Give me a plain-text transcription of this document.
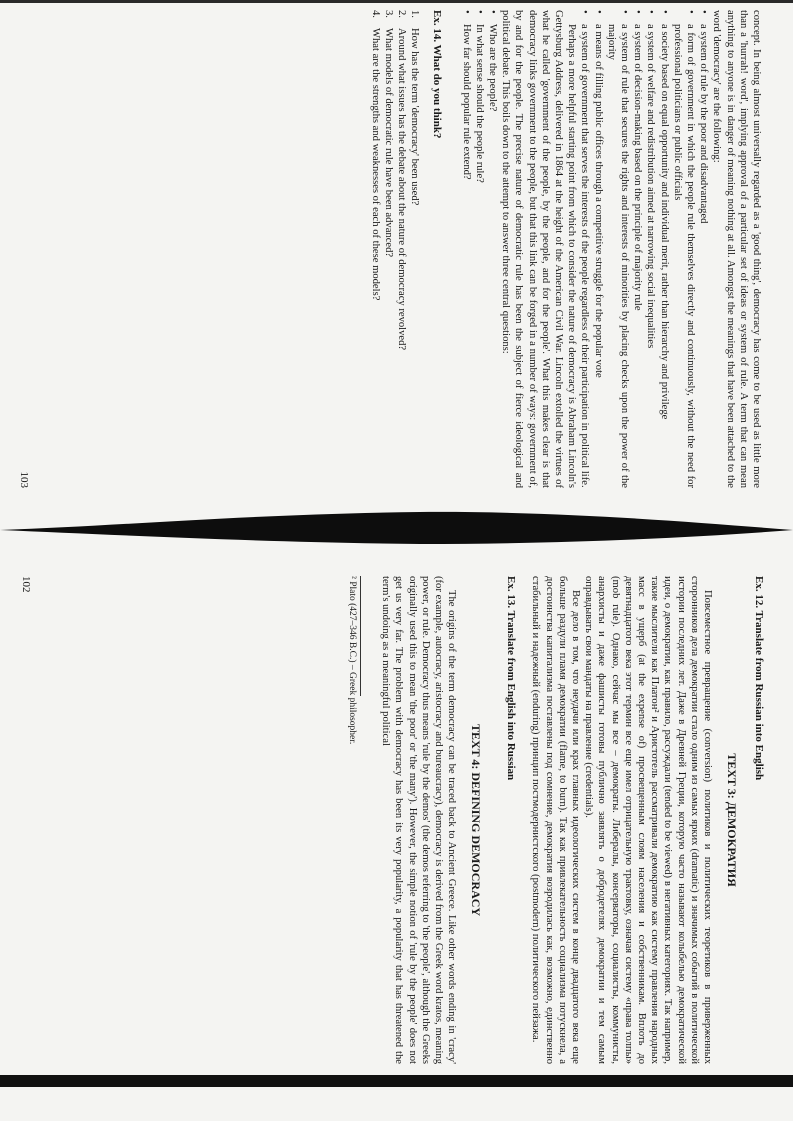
Ex. 12. Translate from Russian into English

TEXT 3: ДЕМОКРАТИЯ

Повсеместное превращение (conversion) политиков и политических теоретиков в приверженных сторонников дела демократии стало одним из самых ярких (dramatic) и значимых событий в политической истории последних лет. Даже в Древней Греции, которую часто называют колыбелью демократической идеи, о демократии, как правило, рассуждали (tended to be viewed) в негативных категориях. Так например, такие мыслители как Платон² и Аристотель рассматривали демократию как систему правления народных масс в ущерб (at the expense of) просвещенным слоям населения и собственникам. Вплоть до девятнадцатого века этот термин все еще имел отрицательную трактовку, означая систему «права толпы» (mob rule). Однако, сейчас мы все – демократы. Либералы, консерваторы, социалисты, коммунисты, анархисты и даже фашисты готовы публично заявлять о добродетелях демократии и тем самым оправдывать свои мандаты на правление (credentials).

Все дело в том, что неудачи или крах главных идеологических систем в конце двадцатого века еще больше раздули пламя демократии (flame, to burn). Так как привлекательность социализма потускнела, а достоинства капитализма поставлены под сомнение, демократия возродилась как, возможно, единственно стабильный и надежный (enduring) принцип постмодернистского (postmodern) политического пейзажа.

Ex. 13. Translate from English into Russian

TEXT 4: DEFINING DEMOCRACY

The origins of the term democracy can be traced back to Ancient Greece. Like other words ending in 'cracy' (for example, autocracy, aristocracy and bureaucracy), democracy is derived from the Greek word kratos, meaning power, or rule. Democracy thus means 'rule by the demos' (the demos referring to 'the people', although the Greeks originally used this to mean 'the poor' or 'the many'). However, the simple notion of 'rule by the people' does not get us very far. The problem with democracy has been its very popularity, a popularity that has threatened the term's undoing as a meaningful political

² Plato (427–346 B.C.) – Greek philosopher.

102

concept. In being almost universally regarded as a 'good thing', democracy has come to be used as little more than a 'hurrah! word', implying approval of a particular set of ideas or system of rule. A term that can mean anything to anyone is in danger of meaning nothing at all. Amongst the meanings that have been attached to the word 'democracy' are the following:

• a system of rule by the poor and disadvantaged
• a form of government in which the people rule themselves directly and continuously, without the need for professional politicians or public officials
• a society based on equal opportunity and individual merit, rather than hierarchy and privilege
• a system of welfare and redistribution aimed at narrowing social inequalities
• a system of decision-making based on the principle of majority rule
• a system of rule that secures the rights and interests of minorities by placing checks upon the power of the majority
• a means of filling public offices through a competitive struggle for the popular vote
• a system of government that serves the interests of the people regardless of their participation in political life.

Perhaps a more helpful starting point from which to consider the nature of democracy is Abraham Lincoln's Gettysburg Address, delivered in 1864 at the height of the American Civil War. Lincoln extolled the virtues of what he called 'government of the people, by the people, and for the people'. What this makes clear is that democracy links government to the people, but that this link can be forged in a number of ways: government of, by and for the people. The precise nature of democratic rule has been the subject of fierce ideological and political debate. This boils down to the attempt to answer three central questions:

• Who are the people?
• In what sense should the people rule?
• How far should popular rule extend?

Ex. 14. What do you think?

1.
How has the term 'democracy' been used?
2.
Around what issues has the debate about the nature of democracy revolved?
3.
What models of democratic rule have been advanced?
4.
What are the strengths and weaknesses of each of these models?
103
